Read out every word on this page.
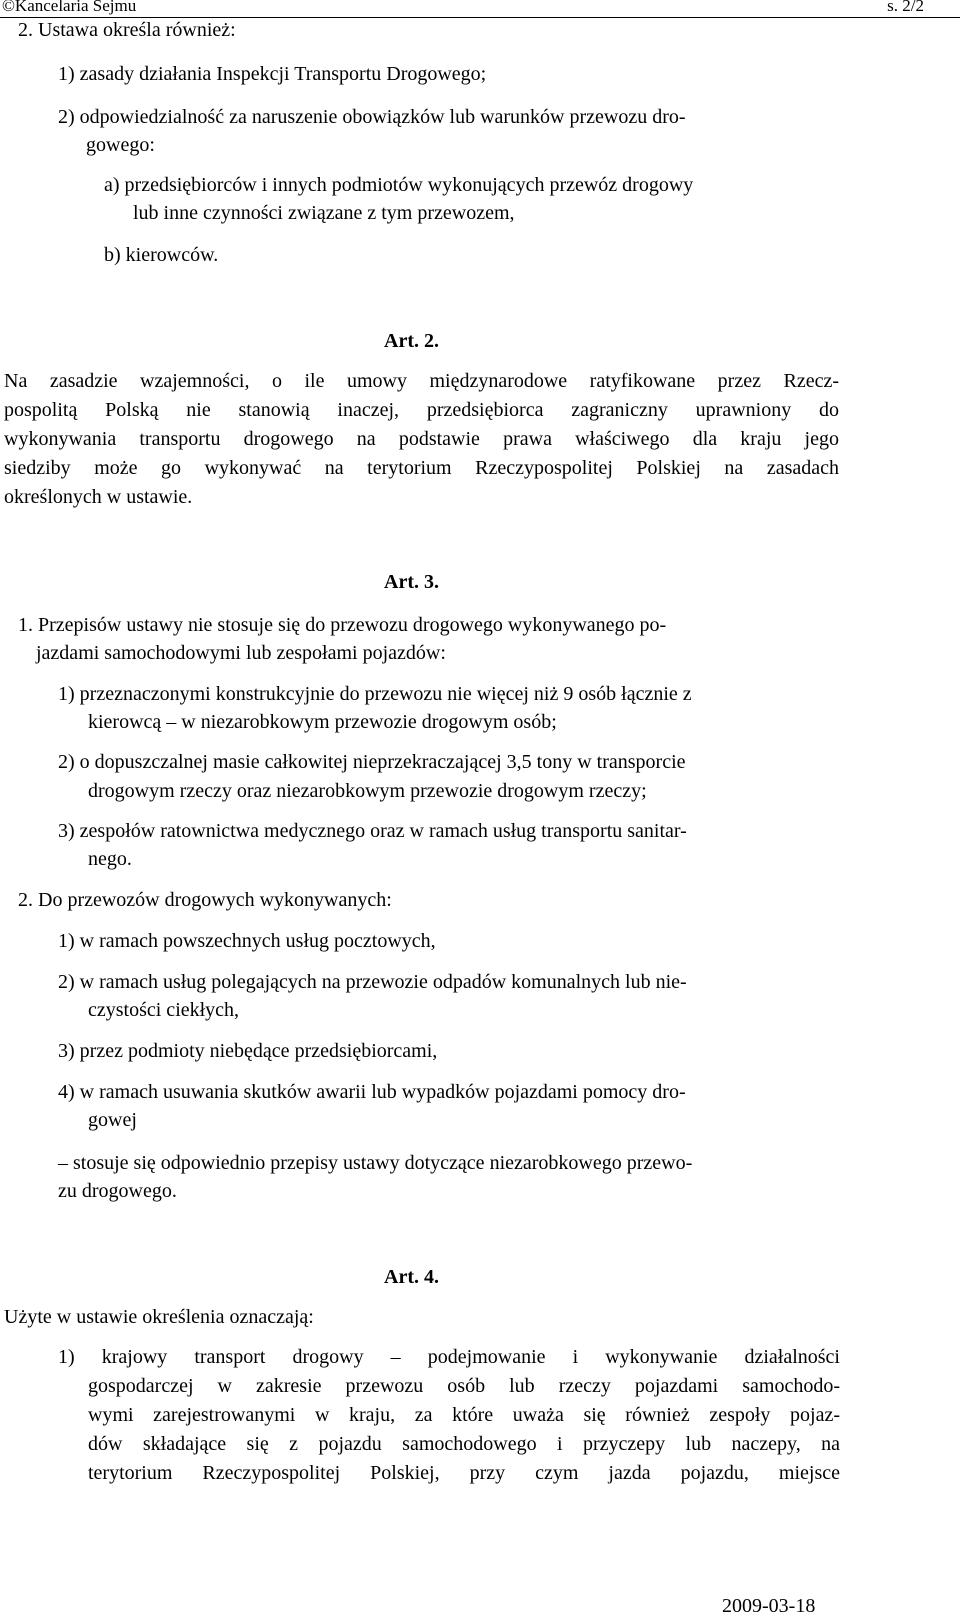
©Kancelaria Sejmu	s. 2/2
2. Ustawa określa również:
1) zasady działania Inspekcji Transportu Drogowego;
2) odpowiedzialność za naruszenie obowiązków lub warunków przewozu dro-
gowego:
a) przedsiębiorców i innych podmiotów wykonujących przewóz drogowy
lub inne czynności związane z tym przewozem,
b) kierowców.
Art. 2.
Na zasadzie wzajemności, o ile umowy międzynarodowe ratyfikowane przez Rzecz-
pospolitą Polską nie stanowią inaczej, przedsiębiorca zagraniczny uprawniony do
wykonywania transportu drogowego na podstawie prawa właściwego dla kraju jego
siedziby może go wykonywać na terytorium Rzeczypospolitej Polskiej na zasadach
określonych w ustawie.
Art. 3.
1. Przepisów ustawy nie stosuje się do przewozu drogowego wykonywanego po-
jazdami samochodowymi lub zespołami pojazdów:
1) przeznaczonymi konstrukcyjnie do przewozu nie więcej niż 9 osób łącznie z
kierowcą – w niezarobkowym przewozie drogowym osób;
2) o dopuszczalnej masie całkowitej nieprzekraczającej 3,5 tony w transporcie
drogowym rzeczy oraz niezarobkowym przewozie drogowym rzeczy;
3) zespołów ratownictwa medycznego oraz w ramach usług transportu sanitar-
nego.
2. Do przewozów drogowych wykonywanych:
1) w ramach powszechnych usług pocztowych,
2) w ramach usług polegających na przewozie odpadów komunalnych lub nie-
czystości ciekłych,
3) przez podmioty niebędące przedsiębiorcami,
4) w ramach usuwania skutków awarii lub wypadków pojazdami pomocy dro-
gowej
– stosuje się odpowiednio przepisy ustawy dotyczące niezarobkowego przewo-
zu drogowego.
Art. 4.
Użyte w ustawie określenia oznaczają:
1) krajowy transport drogowy – podejmowanie i wykonywanie działalności
gospodarczej w zakresie przewozu osób lub rzeczy pojazdami samochodo-
wymi zarejestrowanymi w kraju, za które uważa się również zespoły pojaz-
dów składające się z pojazdu samochodowego i przyczepy lub naczepy, na
terytorium Rzeczypospolitej Polskiej, przy czym jazda pojazdu, miejsce
2009-03-18
